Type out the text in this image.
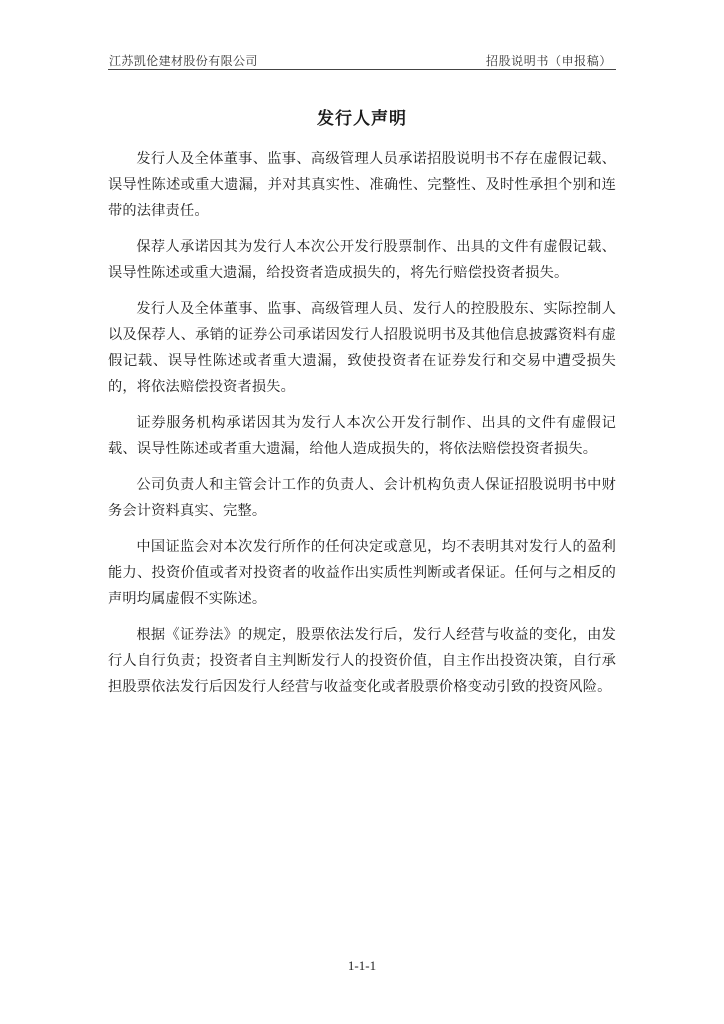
江苏凯伦建材股份有限公司	招股说明书（申报稿）
发行人声明

发行人及全体董事、监事、高级管理人员承诺招股说明书不存在虚假记载、误导性陈述或重大遗漏，并对其真实性、准确性、完整性、及时性承担个别和连带的法律责任。

保荐人承诺因其为发行人本次公开发行股票制作、出具的文件有虚假记载、误导性陈述或重大遗漏，给投资者造成损失的，将先行赔偿投资者损失。

发行人及全体董事、监事、高级管理人员、发行人的控股股东、实际控制人以及保荐人、承销的证券公司承诺因发行人招股说明书及其他信息披露资料有虚假记载、误导性陈述或者重大遗漏，致使投资者在证券发行和交易中遭受损失的，将依法赔偿投资者损失。

证券服务机构承诺因其为发行人本次公开发行制作、出具的文件有虚假记载、误导性陈述或者重大遗漏，给他人造成损失的，将依法赔偿投资者损失。

公司负责人和主管会计工作的负责人、会计机构负责人保证招股说明书中财务会计资料真实、完整。

中国证监会对本次发行所作的任何决定或意见，均不表明其对发行人的盈利能力、投资价值或者对投资者的收益作出实质性判断或者保证。任何与之相反的声明均属虚假不实陈述。

根据《证券法》的规定，股票依法发行后，发行人经营与收益的变化，由发行人自行负责；投资者自主判断发行人的投资价值，自主作出投资决策，自行承担股票依法发行后因发行人经营与收益变化或者股票价格变动引致的投资风险。

1-1-1
